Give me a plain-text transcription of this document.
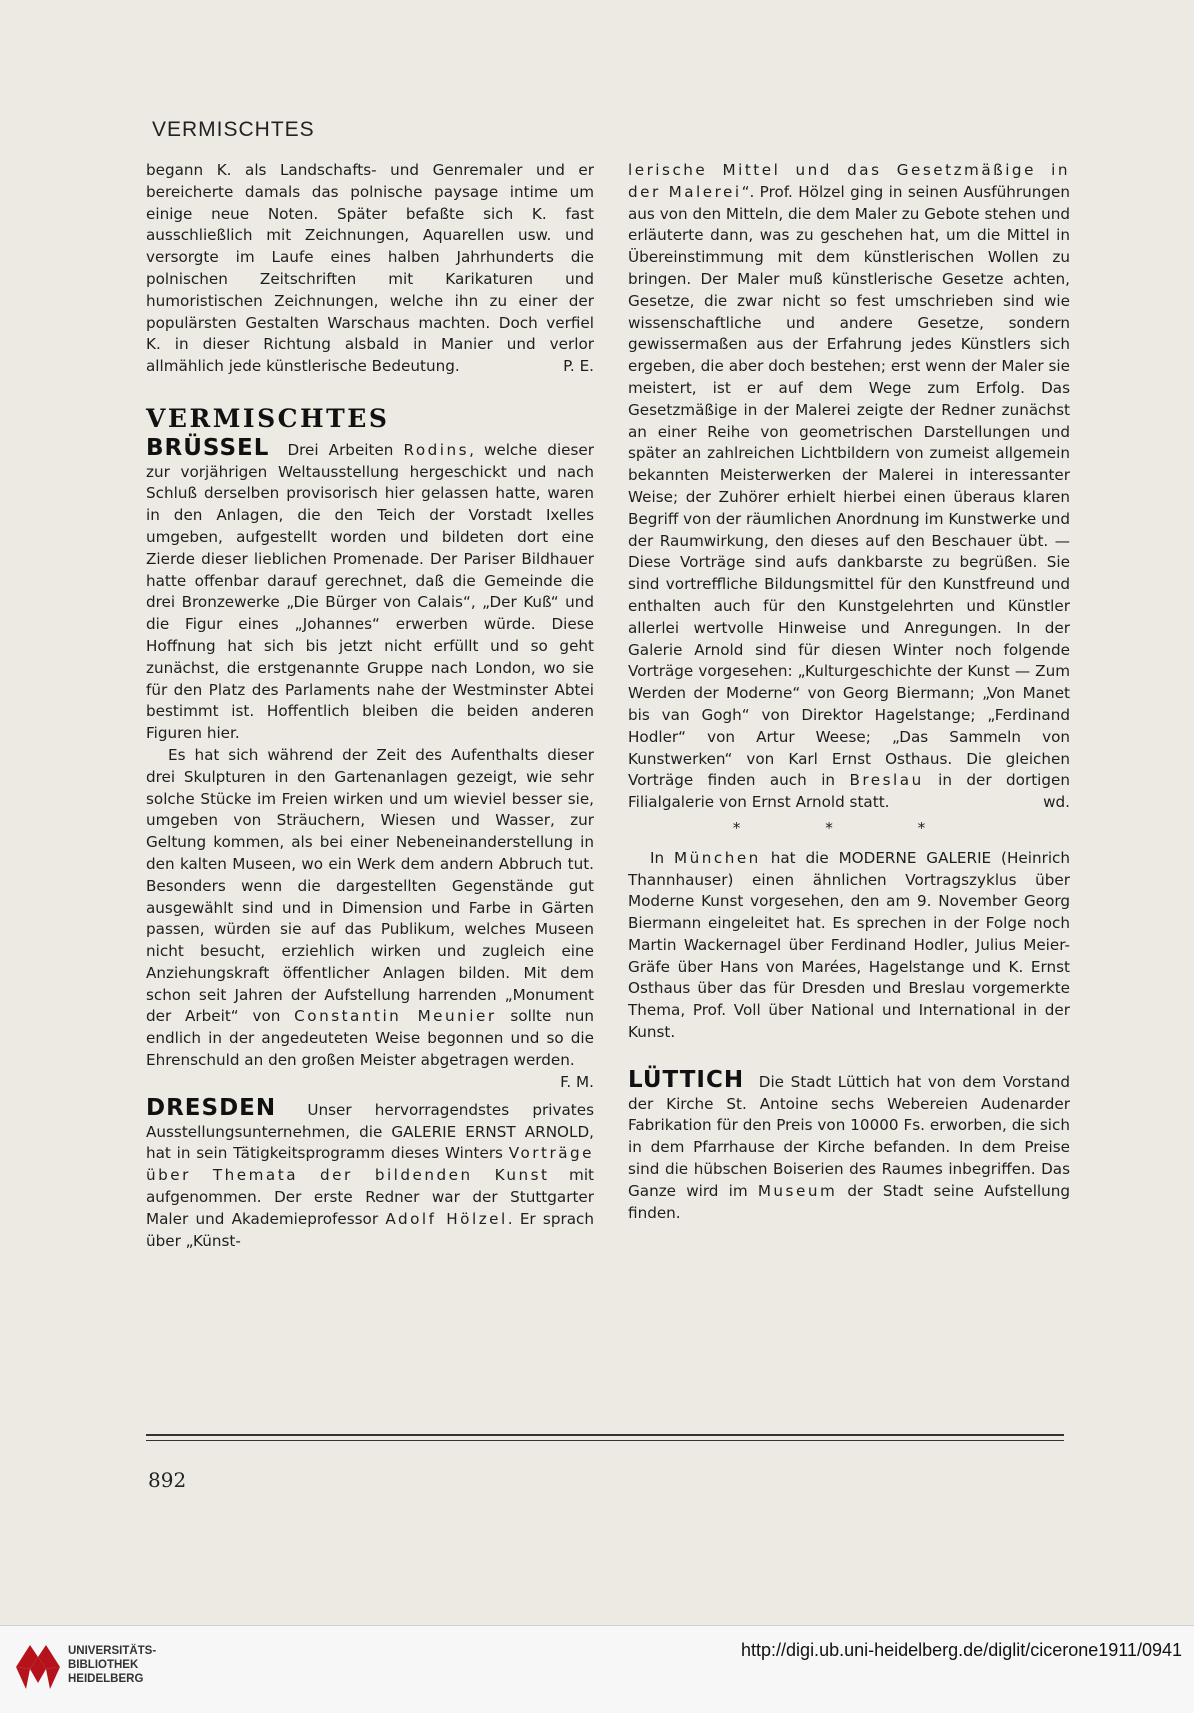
VERMISCHTES

begann K. als Landschafts- und Genremaler und er bereicherte damals das polnische paysage intime um einige neue Noten. Später befaßte sich K. fast ausschließlich mit Zeichnungen, Aquarellen usw. und versorgte im Laufe eines halben Jahrhunderts die polnischen Zeitschriften mit Karikaturen und humoristischen Zeichnungen, welche ihn zu einer der populärsten Gestalten Warschaus machten. Doch verfiel K. in dieser Richtung alsbald in Manier und verlor allmählich jede künstlerische Bedeutung.	P. E.

VERMISCHTES

BRÜSSEL Drei Arbeiten Rodins, welche dieser zur vorjährigen Weltausstellung hergeschickt und nach Schluß derselben provisorisch hier gelassen hatte, waren in den Anlagen, die den Teich der Vorstadt Ixelles umgeben, aufgestellt worden und bildeten dort eine Zierde dieser lieblichen Promenade. Der Pariser Bildhauer hatte offenbar darauf gerechnet, daß die Gemeinde die drei Bronzewerke „Die Bürger von Calais“, „Der Kuß“ und die Figur eines „Johannes“ erwerben würde. Diese Hoffnung hat sich bis jetzt nicht erfüllt und so geht zunächst, die erstgenannte Gruppe nach London, wo sie für den Platz des Parlaments nahe der Westminster Abtei bestimmt ist. Hoffentlich bleiben die beiden anderen Figuren hier.

Es hat sich während der Zeit des Aufenthalts dieser drei Skulpturen in den Gartenanlagen gezeigt, wie sehr solche Stücke im Freien wirken und um wieviel besser sie, umgeben von Sträuchern, Wiesen und Wasser, zur Geltung kommen, als bei einer Nebeneinanderstellung in den kalten Museen, wo ein Werk dem andern Abbruch tut. Besonders wenn die dargestellten Gegenstände gut ausgewählt sind und in Dimension und Farbe in Gärten passen, würden sie auf das Publikum, welches Museen nicht besucht, erziehlich wirken und zugleich eine Anziehungskraft öffentlicher Anlagen bilden. Mit dem schon seit Jahren der Aufstellung harrenden „Monument der Arbeit“ von Constantin Meunier sollte nun endlich in der angedeuteten Weise begonnen und so die Ehrenschuld an den großen Meister abgetragen werden.
F. M.

DRESDEN Unser hervorragendstes privates Ausstellungsunternehmen, die GALERIE ERNST ARNOLD, hat in sein Tätigkeitsprogramm dieses Winters Vorträge über Themata der bildenden Kunst mit aufgenommen. Der erste Redner war der Stuttgarter Maler und Akademieprofessor Adolf Hölzel. Er sprach über „Künst-

lerische Mittel und das Gesetzmäßige in der Malerei“. Prof. Hölzel ging in seinen Ausführungen aus von den Mitteln, die dem Maler zu Gebote stehen und erläuterte dann, was zu geschehen hat, um die Mittel in Übereinstimmung mit dem künstlerischen Wollen zu bringen. Der Maler muß künstlerische Gesetze achten, Gesetze, die zwar nicht so fest umschrieben sind wie wissenschaftliche und andere Gesetze, sondern gewissermaßen aus der Erfahrung jedes Künstlers sich ergeben, die aber doch bestehen; erst wenn der Maler sie meistert, ist er auf dem Wege zum Erfolg. Das Gesetzmäßige in der Malerei zeigte der Redner zunächst an einer Reihe von geometrischen Darstellungen und später an zahlreichen Lichtbildern von zumeist allgemein bekannten Meisterwerken der Malerei in interessanter Weise; der Zuhörer erhielt hierbei einen überaus klaren Begriff von der räumlichen Anordnung im Kunstwerke und der Raumwirkung, den dieses auf den Beschauer übt. — Diese Vorträge sind aufs dankbarste zu begrüßen. Sie sind vortreffliche Bildungsmittel für den Kunstfreund und enthalten auch für den Kunstgelehrten und Künstler allerlei wertvolle Hinweise und Anregungen. In der Galerie Arnold sind für diesen Winter noch folgende Vorträge vorgesehen: „Kulturgeschichte der Kunst — Zum Werden der Moderne“ von Georg Biermann; „Von Manet bis van Gogh“ von Direktor Hagelstange; „Ferdinand Hodler“ von Artur Weese; „Das Sammeln von Kunstwerken“ von Karl Ernst Osthaus. Die gleichen Vorträge finden auch in Breslau in der dortigen Filialgalerie von Ernst Arnold statt.	wd.

* * *

In München hat die MODERNE GALERIE (Heinrich Thannhauser) einen ähnlichen Vortragszyklus über Moderne Kunst vorgesehen, den am 9. November Georg Biermann eingeleitet hat. Es sprechen in der Folge noch Martin Wackernagel über Ferdinand Hodler, Julius Meier-Gräfe über Hans von Marées, Hagelstange und K. Ernst Osthaus über das für Dresden und Breslau vorgemerkte Thema, Prof. Voll über National und International in der Kunst.

LÜTTICH Die Stadt Lüttich hat von dem Vorstand der Kirche St. Antoine sechs Webereien Audenarder Fabrikation für den Preis von 10000 Fs. erworben, die sich in dem Pfarrhause der Kirche befanden. In dem Preise sind die hübschen Boiserien des Raumes inbegriffen. Das Ganze wird im Museum der Stadt seine Aufstellung finden.

892
UNIVERSITÄTS-
BIBLIOTHEK
HEIDELBERG
http://digi.ub.uni-heidelberg.de/diglit/cicerone1911/0941
